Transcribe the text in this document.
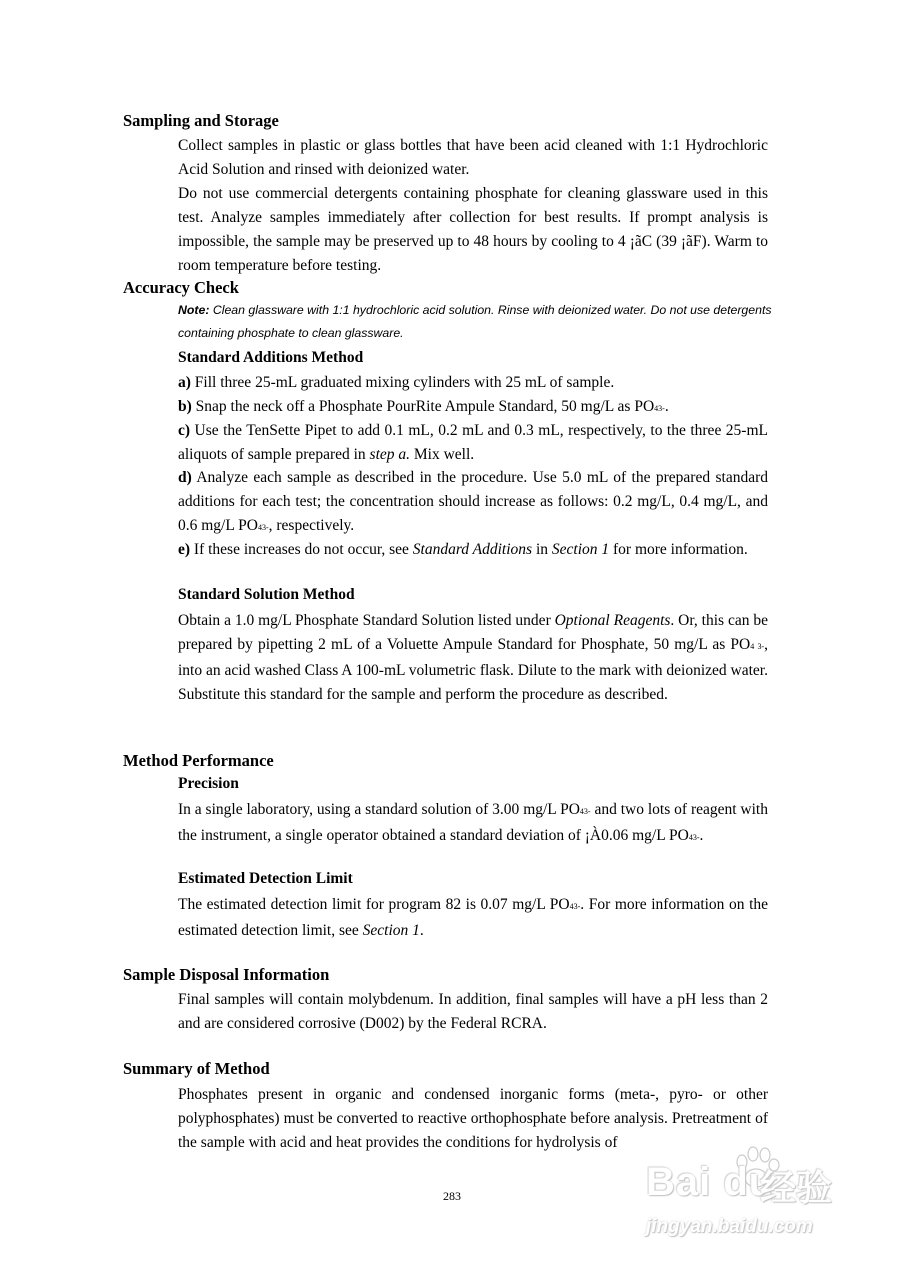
Sampling and Storage

Collect samples in plastic or glass bottles that have been acid cleaned with 1:1 Hydrochloric Acid Solution and rinsed with deionized water.

Do not use commercial detergents containing phosphate for cleaning glassware used in this test. Analyze samples immediately after collection for best results. If prompt analysis is impossible, the sample may be preserved up to 48 hours by cooling to 4 ¡ãC (39 ¡ãF). Warm to room temperature before testing.

Accuracy Check

Note: Clean glassware with 1:1 hydrochloric acid solution. Rinse with deionized water. Do not use detergents containing phosphate to clean glassware.

Standard Additions Method

a) Fill three 25-mL graduated mixing cylinders with 25 mL of sample.

b) Snap the neck off a Phosphate PourRite Ampule Standard, 50 mg/L as PO43-.

c) Use the TenSette Pipet to add 0.1 mL, 0.2 mL and 0.3 mL, respectively, to the three 25-mL aliquots of sample prepared in step a. Mix well.

d) Analyze each sample as described in the procedure. Use 5.0 mL of the prepared standard additions for each test; the concentration should increase as follows: 0.2 mg/L, 0.4 mg/L, and 0.6 mg/L PO43-, respectively.

e) If these increases do not occur, see Standard Additions in Section 1 for more information.

Standard Solution Method

Obtain a 1.0 mg/L Phosphate Standard Solution listed under Optional Reagents. Or, this can be prepared by pipetting 2 mL of a Voluette Ampule Standard for Phosphate, 50 mg/L as PO4 3-, into an acid washed Class A 100-mL volumetric flask. Dilute to the mark with deionized water. Substitute this standard for the sample and perform the procedure as described.

Method Performance
Precision

In a single laboratory, using a standard solution of 3.00 mg/L PO43- and two lots of reagent with the instrument, a single operator obtained a standard deviation of ¡À0.06 mg/L PO43-.

Estimated Detection Limit

The estimated detection limit for program 82 is 0.07 mg/L PO43-. For more information on the estimated detection limit, see Section 1.

Sample Disposal Information

Final samples will contain molybdenum. In addition, final samples will have a pH less than 2 and are considered corrosive (D002) by the Federal RCRA.

Summary of Method

Phosphates present in organic and condensed inorganic forms (meta-, pyro- or other polyphosphates) must be converted to reactive orthophosphate before analysis. Pretreatment of the sample with acid and heat provides the conditions for hydrolysis of

283	Bai du
经验
jingyan.baidu.com
